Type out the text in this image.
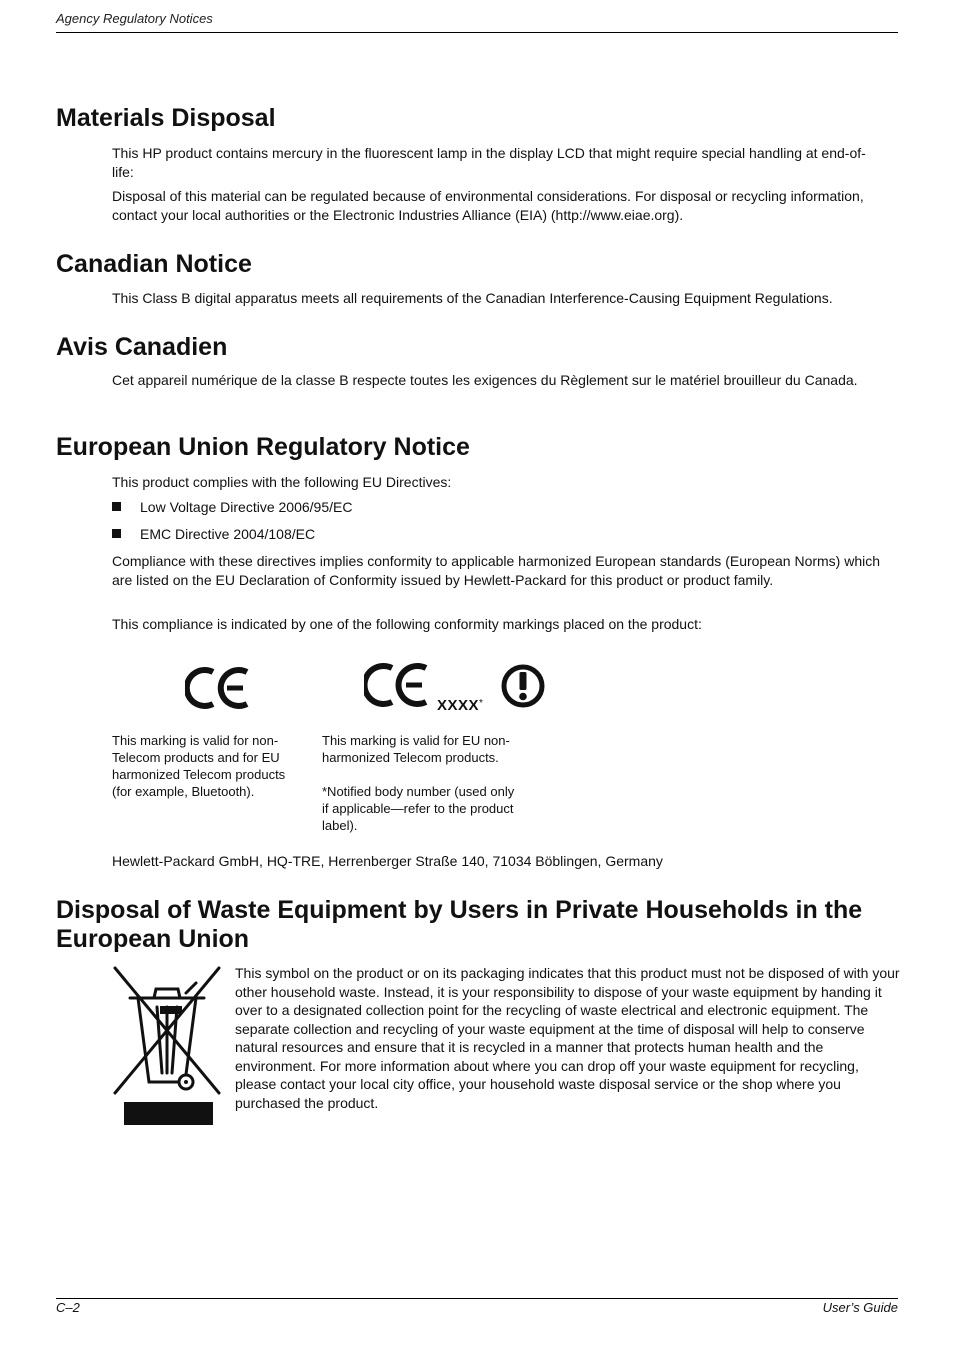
Agency Regulatory Notices
Materials Disposal

This HP product contains mercury in the fluorescent lamp in the display LCD that might require special handling at end-of-life:

Disposal of this material can be regulated because of environmental considerations. For disposal or recycling information, contact your local authorities or the Electronic Industries Alliance (EIA) (http://www.eiae.org).

Canadian Notice

This Class B digital apparatus meets all requirements of the Canadian Interference-Causing Equipment Regulations.

Avis Canadien

Cet appareil numérique de la classe B respecte toutes les exigences du Règlement sur le matériel brouilleur du Canada.

European Union Regulatory Notice

This product complies with the following EU Directives:

Low Voltage Directive 2006/95/EC
EMC Directive 2004/108/EC

Compliance with these directives implies conformity to applicable harmonized European standards (European Norms) which are listed on the EU Declaration of Conformity issued by Hewlett-Packard for this product or product family.

This compliance is indicated by one of the following conformity markings placed on the product:

XXXX*

This marking is valid for non-Telecom products and for EU harmonized Telecom products (for example, Bluetooth).

This marking is valid for EU non-harmonized Telecom products.

*Notified body number (used only if applicable—refer to the product label).

Hewlett-Packard GmbH, HQ-TRE, Herrenberger Straße 140, 71034 Böblingen, Germany

Disposal of Waste Equipment by Users in Private Households in the European Union

This symbol on the product or on its packaging indicates that this product must not be disposed of with your other household waste. Instead, it is your responsibility to dispose of your waste equipment by handing it over to a designated collection point for the recycling of waste electrical and electronic equipment. The separate collection and recycling of your waste equipment at the time of disposal will help to conserve natural resources and ensure that it is recycled in a manner that protects human health and the environment. For more information about where you can drop off your waste equipment for recycling, please contact your local city office, your household waste disposal service or the shop where you purchased the product.

C–2	User’s Guide
